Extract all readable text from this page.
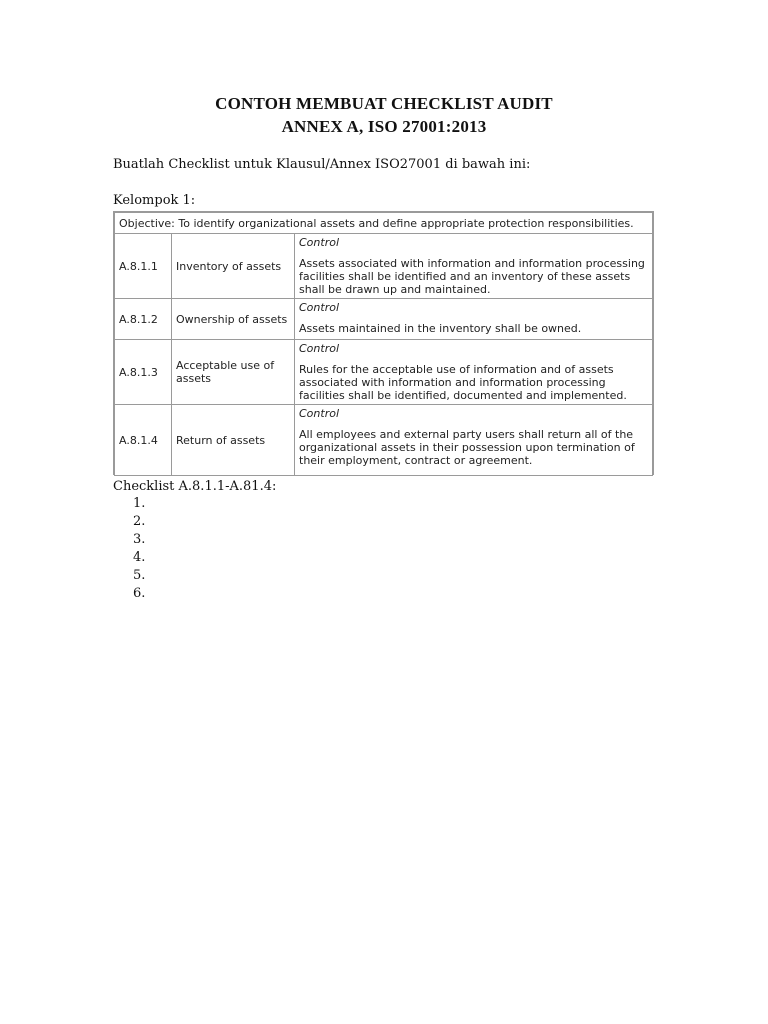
CONTOH MEMBUAT CHECKLIST AUDIT
ANNEX A, ISO 27001:2013

Buatlah Checklist untuk Klausul/Annex ISO27001 di bawah ini:

Kelompok 1:

Objective: To identify organizational assets and define appropriate protection responsibilities.		
A.8.1.1	Inventory of assets	Control
Assets associated with information and information processing facilities shall be identified and an inventory of these assets shall be drawn up and maintained.

A.8.1.2	Ownership of assets	Control
Assets maintained in the inventory shall be owned.

A.8.1.3	Acceptable use of assets	Control
Rules for the acceptable use of information and of assets associated with information and information processing facilities shall be identified, documented and implemented.

A.8.1.4	Return of assets	Control
All employees and external party users shall return all of the organizational assets in their possession upon termination of their employment, contract or agreement.

Checklist A.8.1.1-A.81.4:

1.
2.
3.
4.
5.
6.
